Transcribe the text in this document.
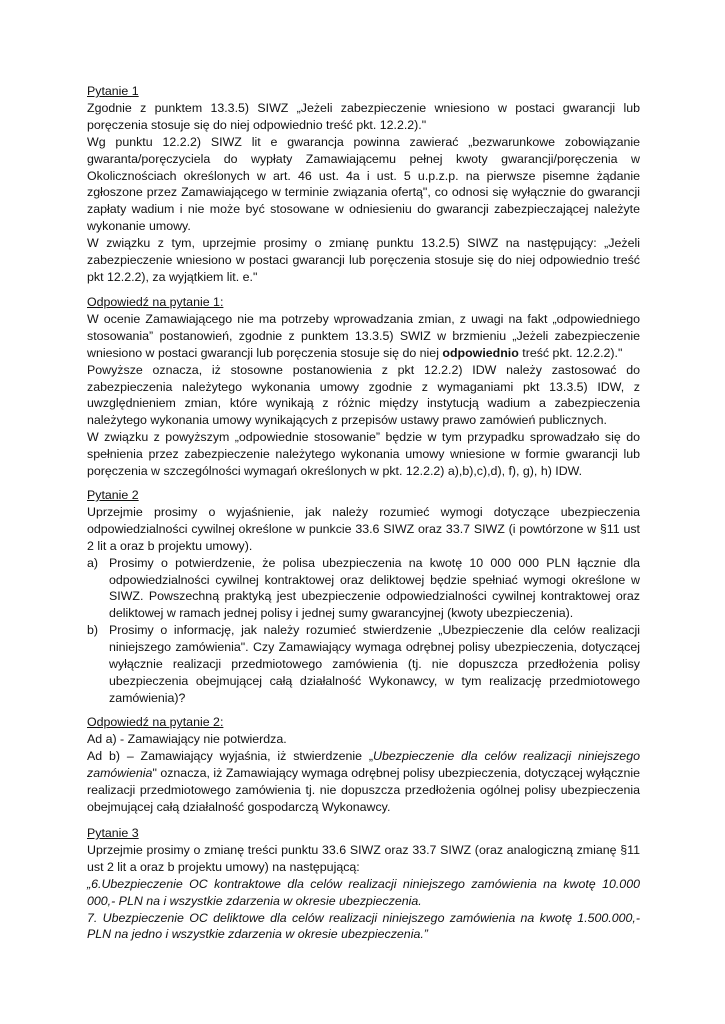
Pytanie 1

Zgodnie z punktem 13.3.5) SIWZ „Jeżeli zabezpieczenie wniesiono w postaci gwarancji lub poręczenia stosuje się do niej odpowiednio treść pkt. 12.2.2)."

Wg punktu 12.2.2) SIWZ lit e gwarancja powinna zawierać „bezwarunkowe zobowiązanie gwaranta/poręczyciela do wypłaty Zamawiającemu pełnej kwoty gwarancji/poręczenia w Okolicznościach określonych w art. 46 ust. 4a i ust. 5 u.p.z.p. na pierwsze pisemne żądanie zgłoszone przez Zamawiającego w terminie związania ofertą", co odnosi się wyłącznie do gwarancji zapłaty wadium i nie może być stosowane w odniesieniu do gwarancji zabezpieczającej należyte wykonanie umowy.

W związku z tym, uprzejmie prosimy o zmianę punktu 13.2.5) SIWZ na następujący: „Jeżeli zabezpieczenie wniesiono w postaci gwarancji lub poręczenia stosuje się do niej odpowiednio treść pkt 12.2.2), za wyjątkiem lit. e."

Odpowiedź na pytanie 1:

W ocenie Zamawiającego nie ma potrzeby wprowadzania zmian, z uwagi na fakt „odpowiedniego stosowania” postanowień, zgodnie z punktem 13.3.5) SWIZ w brzmieniu „Jeżeli zabezpieczenie wniesiono w postaci gwarancji lub poręczenia stosuje się do niej odpowiednio treść pkt. 12.2.2)."

Powyższe oznacza, iż stosowne postanowienia z pkt 12.2.2) IDW należy zastosować do zabezpieczenia należytego wykonania umowy zgodnie z wymaganiami pkt 13.3.5) IDW, z uwzględnieniem zmian, które wynikają z różnic między instytucją wadium a zabezpieczenia należytego wykonania umowy wynikających z przepisów ustawy prawo zamówień publicznych.

W związku z powyższym „odpowiednie stosowanie” będzie w tym przypadku sprowadzało się do spełnienia przez zabezpieczenie należytego wykonania umowy wniesione w formie gwarancji lub poręczenia w szczególności wymagań określonych w pkt. 12.2.2) a),b),c),d), f), g), h) IDW.

Pytanie 2

Uprzejmie prosimy o wyjaśnienie, jak należy rozumieć wymogi dotyczące ubezpieczenia odpowiedzialności cywilnej określone w punkcie 33.6 SIWZ oraz 33.7 SIWZ (i powtórzone w §11 ust 2 lit a oraz b projektu umowy).

a) Prosimy o potwierdzenie, że polisa ubezpieczenia na kwotę 10 000 000 PLN łącznie dla odpowiedzialności cywilnej kontraktowej oraz deliktowej będzie spełniać wymogi określone w SIWZ. Powszechną praktyką jest ubezpieczenie odpowiedzialności cywilnej kontraktowej oraz deliktowej w ramach jednej polisy i jednej sumy gwarancyjnej (kwoty ubezpieczenia).
b) Prosimy o informację, jak należy rozumieć stwierdzenie „Ubezpieczenie dla celów realizacji niniejszego zamówienia". Czy Zamawiający wymaga odrębnej polisy ubezpieczenia, dotyczącej wyłącznie realizacji przedmiotowego zamówienia (tj. nie dopuszcza przedłożenia polisy ubezpieczenia obejmującej całą działalność Wykonawcy, w tym realizację przedmiotowego zamówienia)?

Odpowiedź na pytanie 2:

Ad a) - Zamawiający nie potwierdza.

Ad b) – Zamawiający wyjaśnia, iż stwierdzenie „Ubezpieczenie dla celów realizacji niniejszego zamówienia" oznacza, iż Zamawiający wymaga odrębnej polisy ubezpieczenia, dotyczącej wyłącznie realizacji przedmiotowego zamówienia tj. nie dopuszcza przedłożenia ogólnej polisy ubezpieczenia obejmującej całą działalność gospodarczą Wykonawcy.

Pytanie 3

Uprzejmie prosimy o zmianę treści punktu 33.6 SIWZ oraz 33.7 SIWZ (oraz analogiczną zmianę §11 ust 2 lit a oraz b projektu umowy) na następującą:

„6.Ubezpieczenie OC kontraktowe dla celów realizacji niniejszego zamówienia na kwotę 10.000 000,- PLN na i wszystkie zdarzenia w okresie ubezpieczenia.

7. Ubezpieczenie OC deliktowe dla celów realizacji niniejszego zamówienia na kwotę 1.500.000,- PLN na jedno i wszystkie zdarzenia w okresie ubezpieczenia.”
